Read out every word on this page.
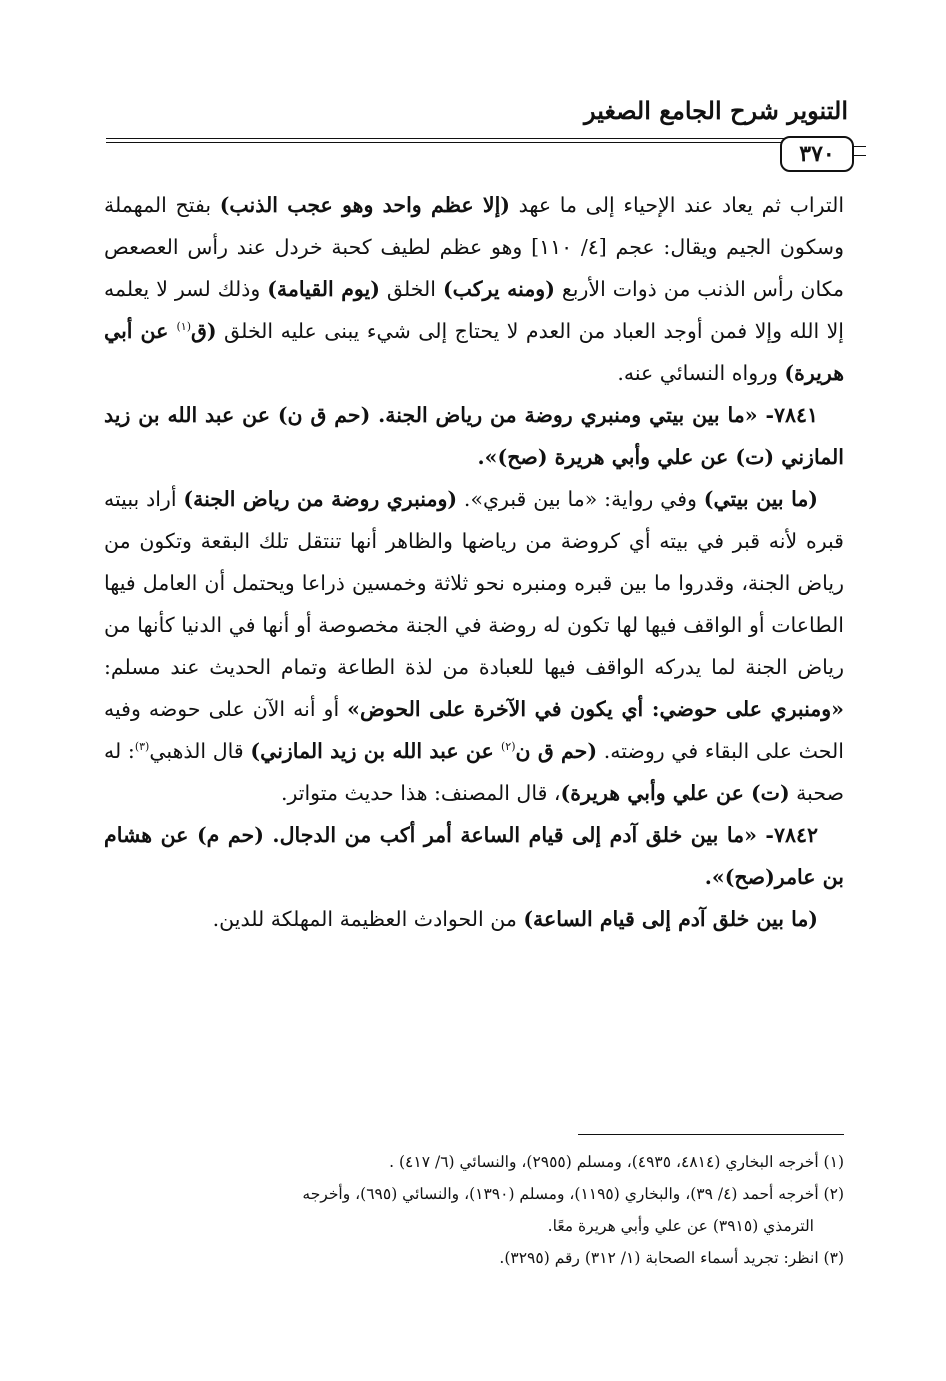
التنوير شرح الجامع الصغير
٣٧٠

التراب ثم يعاد عند الإحياء إلى ما عهد (إلا عظم واحد وهو عجب الذنب) بفتح المهملة وسكون الجيم ويقال: عجم [٤/ ١١٠] وهو عظم لطيف كحبة خردل عند رأس العصعص مكان رأس الذنب من ذوات الأربع (ومنه يركب) الخلق (يوم القيامة) وذلك لسر لا يعلمه إلا الله وإلا فمن أوجد العباد من العدم لا يحتاج إلى شيء يبنى عليه الخلق (ق$^{(١)}$ عن أبي هريرة) ورواه النسائي عنه.

٧٨٤١- «ما بين بيتي ومنبري روضة من رياض الجنة. (حم ق ن) عن عبد الله بن زيد المازني (ت) عن علي وأبي هريرة (صح)».

(ما بين بيتي) وفي رواية: «ما بين قبري». (ومنبري روضة من رياض الجنة) أراد ببيته قبره لأنه قبر في بيته أي كروضة من رياضها والظاهر أنها تنتقل تلك البقعة وتكون من رياض الجنة، وقدروا ما بين قبره ومنبره نحو ثلاثة وخمسين ذراعا ويحتمل أن العامل فيها الطاعات أو الواقف فيها لها تكون له روضة في الجنة مخصوصة أو أنها في الدنيا كأنها من رياض الجنة لما يدركه الواقف فيها للعبادة من لذة الطاعة وتمام الحديث عند مسلم: «ومنبري على حوضي: أي يكون في الآخرة على الحوض» أو أنه الآن على حوضه وفيه الحث على البقاء في روضته. (حم ق ن$^{(٢)}$ عن عبد الله بن زيد المازني) قال الذهبي$^{(٣)}$: له صحبة (ت) عن علي وأبي هريرة)، قال المصنف: هذا حديث متواتر.

٧٨٤٢- «ما بين خلق آدم إلى قيام الساعة أمر أكب من الدجال. (حم م) عن هشام بن عامر(صح)».

(ما بين خلق آدم إلى قيام الساعة) من الحوادث العظيمة المهلكة للدين.

(١) أخرجه البخاري (٤٨١٤، ٤٩٣٥)، ومسلم (٢٩٥٥)، والنسائي (٦/ ٤١٧) .

(٢) أخرجه أحمد (٤/ ٣٩)، والبخاري (١١٩٥)، ومسلم (١٣٩٠)، والنسائي (٦٩٥)، وأخرجه

الترمذي (٣٩١٥) عن علي وأبي هريرة معًا.

(٣) انظر: تجريد أسماء الصحابة (١/ ٣١٢) رقم (٣٢٩٥).
